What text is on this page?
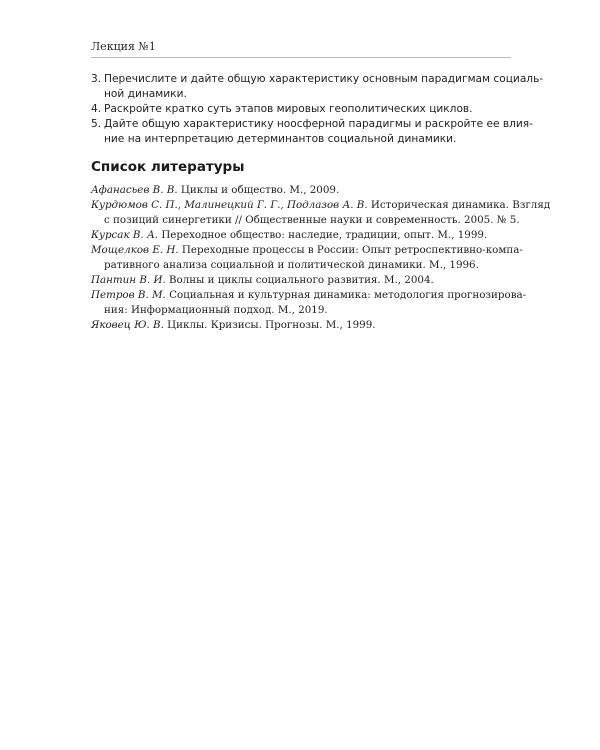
Лекция №1
3. Перечислите и дайте общую характеристику основным парадигмам социаль-
ной динамики.
4. Раскройте кратко суть этапов мировых геополитических циклов.
5. Дайте общую характеристику ноосферной парадигмы и раскройте ее влия-
ние на интерпретацию детерминантов социальной динамики.
Список литературы
Афанасьев В. В. Циклы и общество. М., 2009.
Курдюмов С. П., Малинецкий Г. Г., Подлазов А. В. Историческая динамика. Взгляд
с позиций синергетики // Общественные науки и современность. 2005. № 5.
Курсак В. А. Переходное общество: наследие, традиции, опыт. М., 1999.
Мощелков Е. Н. Переходные процессы в России: Опыт ретроспективно-компа-
ративного анализа социальной и политической динамики. М., 1996.
Пантин В. И. Волны и циклы социального развития. М., 2004.
Петров В. М. Социальная и культурная динамика: методология прогнозирова-
ния: Информационный подход. М., 2019.
Яковец Ю. В. Циклы. Кризисы. Прогнозы. М., 1999.
